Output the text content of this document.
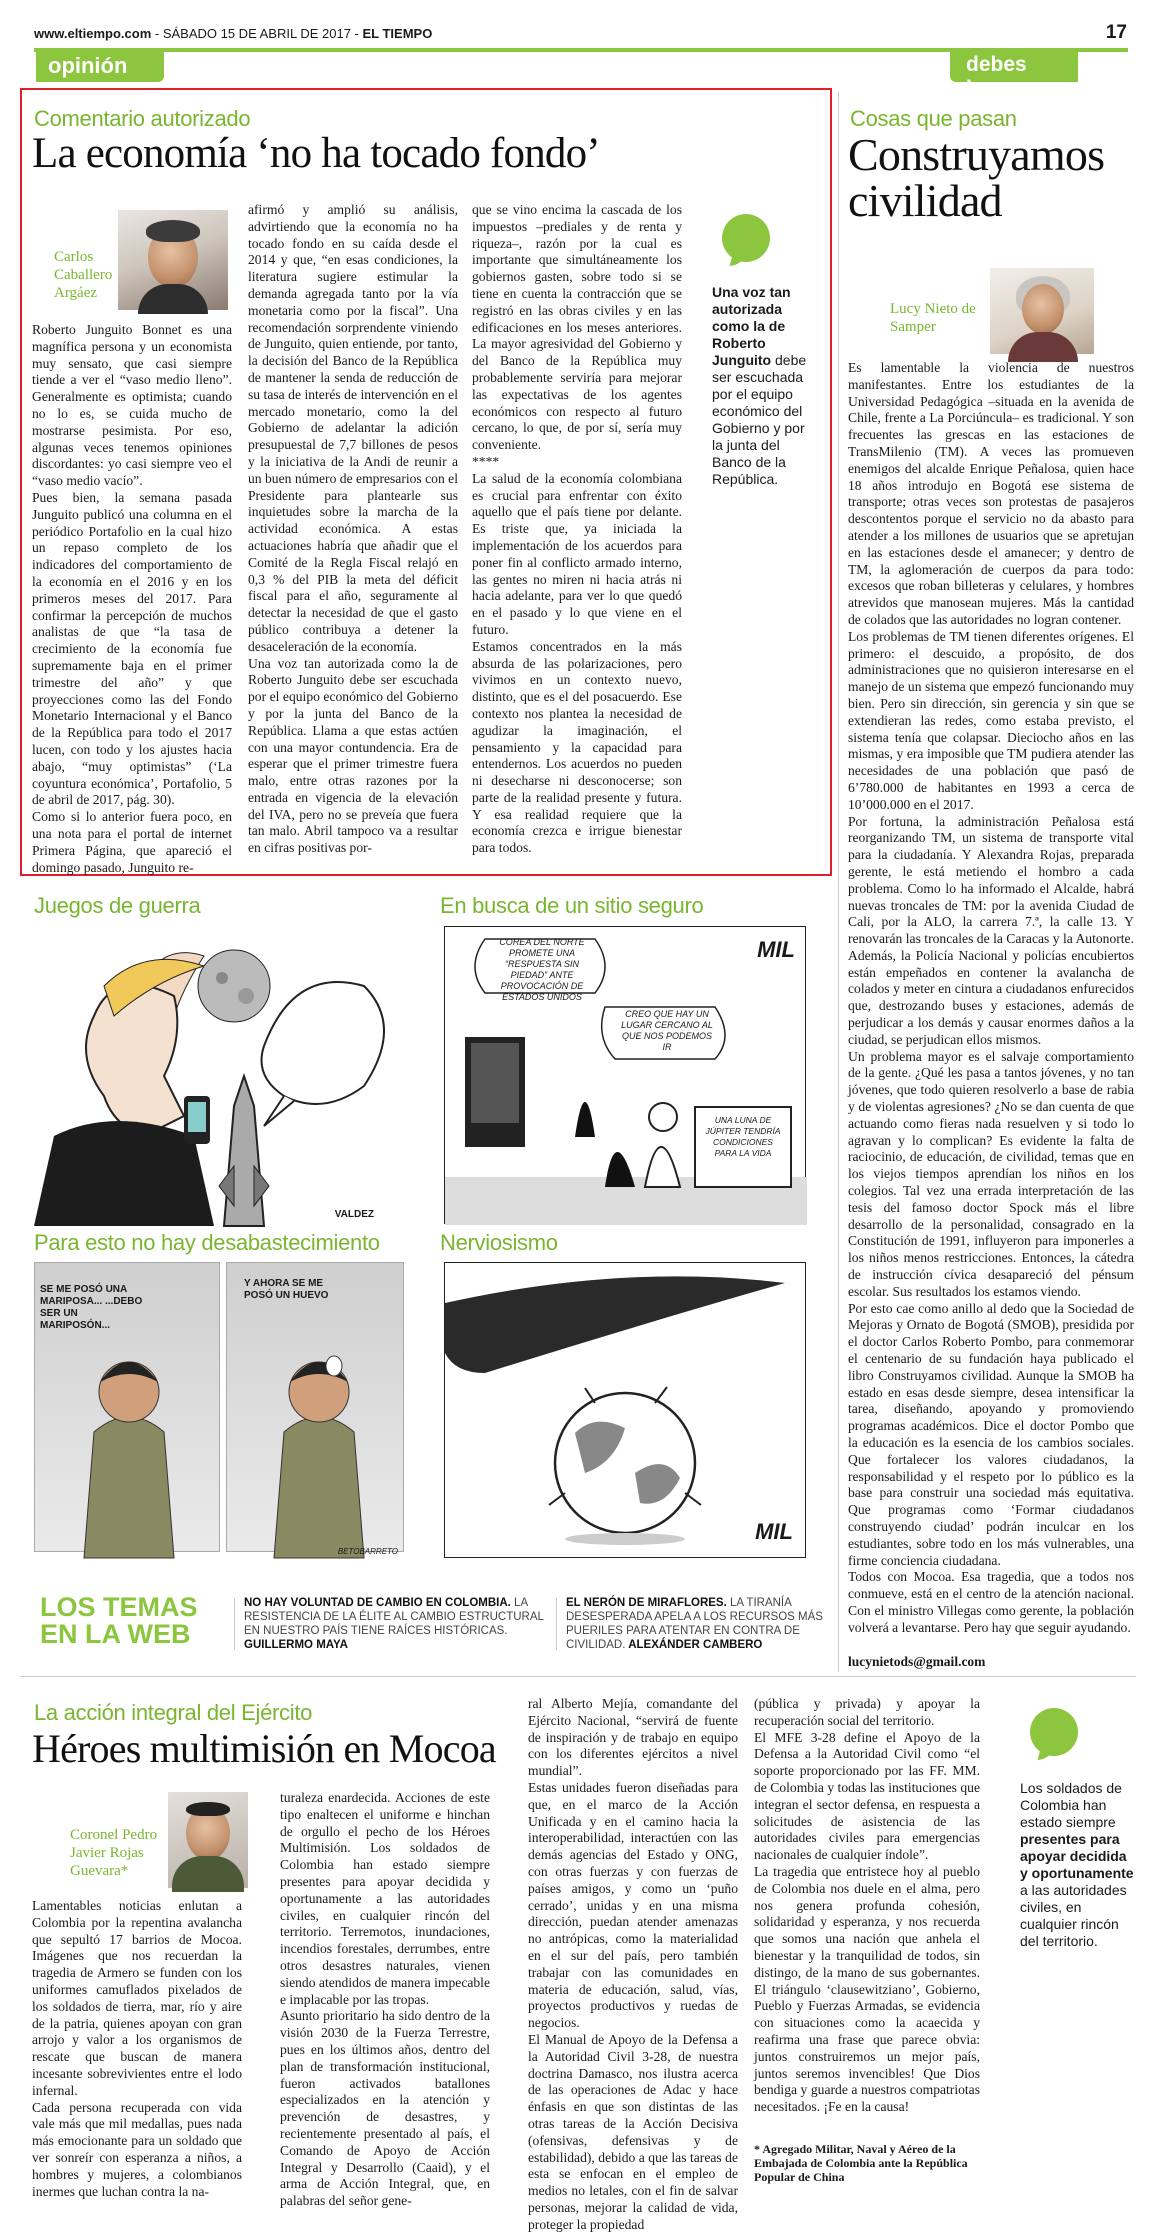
www.eltiempo.com - SÁBADO 15 DE ABRIL DE 2017 - EL TIEMPO	17
opinión	debes leer
Comentario autorizado
La economía ‘no ha tocado fondo’
Carlos Caballero Argáez
Roberto Junguito Bonnet es una magnífica persona y un economista muy sensato, que casi siempre tiende a ver el “vaso medio lleno”. Generalmente es optimista; cuando no lo es, se cuida mucho de mostrarse pesimista. Por eso, algunas veces tenemos opiniones discordantes: yo casi siempre veo el “vaso medio vacío”.
Pues bien, la semana pasada Junguito publicó una columna en el periódico Portafolio en la cual hizo un repaso completo de los indicadores del comportamiento de la economía en el 2016 y en los primeros meses del 2017. Para confirmar la percepción de muchos analistas de que “la tasa de crecimiento de la economía fue supremamente baja en el primer trimestre del año” y que proyecciones como las del Fondo Monetario Internacional y el Banco de la República para todo el 2017 lucen, con todo y los ajustes hacia abajo, “muy optimistas” (‘La coyuntura económica’, Portafolio, 5 de abril de 2017, pág. 30).
Como si lo anterior fuera poco, en una nota para el portal de internet Primera Página, que apareció el domingo pasado, Junguito re-
afirmó y amplió su análisis, advirtiendo que la economía no ha tocado fondo en su caída desde el 2014 y que, “en esas condiciones, la literatura sugiere estimular la demanda agregada tanto por la vía monetaria como por la fiscal”. Una recomendación sorprendente viniendo de Junguito, quien entiende, por tanto, la decisión del Banco de la República de mantener la senda de reducción de su tasa de interés de intervención en el mercado monetario, como la del Gobierno de adelantar la adición presupuestal de 7,7 billones de pesos y la iniciativa de la Andi de reunir a un buen número de empresarios con el Presidente para plantearle sus inquietudes sobre la marcha de la actividad económica. A estas actuaciones habría que añadir que el Comité de la Regla Fiscal relajó en 0,3 % del PIB la meta del déficit fiscal para el año, seguramente al detectar la necesidad de que el gasto público contribuya a detener la desaceleración de la economía.
Una voz tan autorizada como la de Roberto Junguito debe ser escuchada por el equipo económico del Gobierno y por la junta del Banco de la República. Llama a que estas actúen con una mayor contundencia. Era de esperar que el primer trimestre fuera malo, entre otras razones por la entrada en vigencia de la elevación del IVA, pero no se preveía que fuera tan malo. Abril tampoco va a resultar en cifras positivas por-
que se vino encima la cascada de los impuestos –prediales y de renta y riqueza–, razón por la cual es importante que simultáneamente los gobiernos gasten, sobre todo si se tiene en cuenta la contracción que se registró en las obras civiles y en las edificaciones en los meses anteriores. La mayor agresividad del Gobierno y del Banco de la República muy probablemente serviría para mejorar las expectativas de los agentes económicos con respecto al futuro cercano, lo que, de por sí, sería muy conveniente.
****
La salud de la economía colombiana es crucial para enfrentar con éxito aquello que el país tiene por delante. Es triste que, ya iniciada la implementación de los acuerdos para poner fin al conflicto armado interno, las gentes no miren ni hacia atrás ni hacia adelante, para ver lo que quedó en el pasado y lo que viene en el futuro.
Estamos concentrados en la más absurda de las polarizaciones, pero vivimos en un contexto nuevo, distinto, que es el del posacuerdo. Ese contexto nos plantea la necesidad de agudizar la imaginación, el pensamiento y la capacidad para entendernos. Los acuerdos no pueden ni desecharse ni desconocerse; son parte de la realidad presente y futura. Y esa realidad requiere que la economía crezca e irrigue bienestar para todos.
Una voz tan autorizada como la de Roberto Junguito debe ser escuchada por el equipo económico del Gobierno y por la junta del Banco de la República.
Cosas que pasan
Construyamos civilidad
Lucy Nieto de Samper
Es lamentable la violencia de nuestros manifestantes. Entre los estudiantes de la Universidad Pedagógica –situada en la avenida de Chile, frente a La Porciúncula– es tradicional. Y son frecuentes las grescas en las estaciones de TransMilenio (TM). A veces las promueven enemigos del alcalde Enrique Peñalosa, quien hace 18 años introdujo en Bogotá ese sistema de transporte; otras veces son protestas de pasajeros descontentos porque el servicio no da abasto para atender a los millones de usuarios que se apretujan en las estaciones desde el amanecer; y dentro de TM, la aglomeración de cuerpos da para todo: excesos que roban billeteras y celulares, y hombres atrevidos que manosean mujeres. Más la cantidad de colados que las autoridades no logran contener.
Los problemas de TM tienen diferentes orígenes. El primero: el descuido, a propósito, de dos administraciones que no quisieron interesarse en el manejo de un sistema que empezó funcionando muy bien. Pero sin dirección, sin gerencia y sin que se extendieran las redes, como estaba previsto, el sistema tenía que colapsar. Dieciocho años en las mismas, y era imposible que TM pudiera atender las necesidades de una población que pasó de 6’780.000 de habitantes en 1993 a cerca de 10’000.000 en el 2017.
Por fortuna, la administración Peñalosa está reorganizando TM, un sistema de transporte vital para la ciudadanía. Y Alexandra Rojas, preparada gerente, le está metiendo el hombro a cada problema. Como lo ha informado el Alcalde, habrá nuevas troncales de TM: por la avenida Ciudad de Cali, por la ALO, la carrera 7.ª, la calle 13. Y renovarán las troncales de la Caracas y la Autonorte. Además, la Policía Nacional y policías encubiertos están empeñados en contener la avalancha de colados y meter en cintura a ciudadanos enfurecidos que, destrozando buses y estaciones, además de perjudicar a los demás y causar enormes daños a la ciudad, se perjudican ellos mismos.
Un problema mayor es el salvaje comportamiento de la gente. ¿Qué les pasa a tantos jóvenes, y no tan jóvenes, que todo quieren resolverlo a base de rabia y de violentas agresiones? ¿No se dan cuenta de que actuando como fieras nada resuelven y si todo lo agravan y lo complican? Es evidente la falta de raciocinio, de educación, de civilidad, temas que en los viejos tiempos aprendían los niños en los colegios. Tal vez una errada interpretación de las tesis del famoso doctor Spock más el libre desarrollo de la personalidad, consagrado en la Constitución de 1991, influyeron para imponerles a los niños menos restricciones. Entonces, la cátedra de instrucción cívica desapareció del pénsum escolar. Sus resultados los estamos viendo.
Por esto cae como anillo al dedo que la Sociedad de Mejoras y Ornato de Bogotá (SMOB), presidida por el doctor Carlos Roberto Pombo, para conmemorar el centenario de su fundación haya publicado el libro Construyamos civilidad. Aunque la SMOB ha estado en esas desde siempre, desea intensificar la tarea, diseñando, apoyando y promoviendo programas académicos. Dice el doctor Pombo que la educación es la esencia de los cambios sociales. Que fortalecer los valores ciudadanos, la responsabilidad y el respeto por lo público es la base para construir una sociedad más equitativa. Que programas como ‘Formar ciudadanos construyendo ciudad’ podrán inculcar en los estudiantes, sobre todo en los más vulnerables, una firme conciencia ciudadana.
Todos con Mocoa. Esa tragedia, que a todos nos conmueve, está en el centro de la atención nacional. Con el ministro Villegas como gerente, la población volverá a levantarse. Pero hay que seguir ayudando.
lucynietods@gmail.com
Juegos de guerra
VALDEZ
En busca de un sitio seguro
COREA DEL NORTE PROMETE UNA “RESPUESTA SIN PIEDAD” ANTE PROVOCACIÓN DE ESTADOS UNIDOS
CREO QUE HAY UN LUGAR CERCANO AL QUE NOS PODEMOS IR
UNA LUNA DE JÚPITER TENDRÍA CONDICIONES PARA LA VIDA
MIL
Para esto no hay desabastecimiento
SE ME POSÓ UNA MARIPOSA... ...DEBO SER UN MARIPOSÓN...
Y AHORA SE ME POSÓ UN HUEVO
BETOBARRETO
Nerviosismo
MIL
LOS TEMAS
EN LA WEB
NO HAY VOLUNTAD DE CAMBIO EN COLOMBIA. LA RESISTENCIA DE LA ÉLITE AL CAMBIO ESTRUCTURAL EN NUESTRO PAÍS TIENE RAÍCES HISTÓRICAS. GUILLERMO MAYA
EL NERÓN DE MIRAFLORES. LA TIRANÍA DESESPERADA APELA A LOS RECURSOS MÁS PUERILES PARA ATENTAR EN CONTRA DE CIVILIDAD. ALEXÁNDER CAMBERO
La acción integral del Ejército
Héroes multimisión en Mocoa
Coronel Pedro Javier Rojas Guevara*
Lamentables noticias enlutan a Colombia por la repentina avalancha que sepultó 17 barrios de Mocoa. Imágenes que nos recuerdan la tragedia de Armero se funden con los uniformes camuflados pixelados de los soldados de tierra, mar, río y aire de la patria, quienes apoyan con gran arrojo y valor a los organismos de rescate que buscan de manera incesante sobrevivientes entre el lodo infernal.
Cada persona recuperada con vida vale más que mil medallas, pues nada más emocionante para un soldado que ver sonreír con esperanza a niños, a hombres y mujeres, a colombianos inermes que luchan contra la na-
turaleza enardecida. Acciones de este tipo enaltecen el uniforme e hinchan de orgullo el pecho de los Héroes Multimisión. Los soldados de Colombia han estado siempre presentes para apoyar decidida y oportunamente a las autoridades civiles, en cualquier rincón del territorio. Terremotos, inundaciones, incendios forestales, derrumbes, entre otros desastres naturales, vienen siendo atendidos de manera impecable e implacable por las tropas.
Asunto prioritario ha sido dentro de la visión 2030 de la Fuerza Terrestre, pues en los últimos años, dentro del plan de transformación institucional, fueron activados batallones especializados en la atención y prevención de desastres, y recientemente presentado al país, el Comando de Apoyo de Acción Integral y Desarrollo (Caaid), y el arma de Acción Integral, que, en palabras del señor gene-
ral Alberto Mejía, comandante del Ejército Nacional, “servirá de fuente de inspiración y de trabajo en equipo con los diferentes ejércitos a nivel mundial”.
Estas unidades fueron diseñadas para que, en el marco de la Acción Unificada y en el camino hacia la interoperabilidad, interactúen con las demás agencias del Estado y ONG, con otras fuerzas y con fuerzas de países amigos, y como un ‘puño cerrado’, unidas y en una misma dirección, puedan atender amenazas no antrópicas, como la materialidad en el sur del país, pero también trabajar con las comunidades en materia de educación, salud, vías, proyectos productivos y ruedas de negocios.
El Manual de Apoyo de la Defensa a la Autoridad Civil 3-28, de nuestra doctrina Damasco, nos ilustra acerca de las operaciones de Adac y hace énfasis en que son distintas de las otras tareas de la Acción Decisiva (ofensivas, defensivas y de estabilidad), debido a que las tareas de esta se enfocan en el empleo de medios no letales, con el fin de salvar personas, mejorar la calidad de vida, proteger la propiedad
(pública y privada) y apoyar la recuperación social del territorio.
El MFE 3-28 define el Apoyo de la Defensa a la Autoridad Civil como “el soporte proporcionado por las FF. MM. de Colombia y todas las instituciones que integran el sector defensa, en respuesta a solicitudes de asistencia de las autoridades civiles para emergencias nacionales de cualquier índole”.
La tragedia que entristece hoy al pueblo de Colombia nos duele en el alma, pero nos genera profunda cohesión, solidaridad y esperanza, y nos recuerda que somos una nación que anhela el bienestar y la tranquilidad de todos, sin distingo, de la mano de sus gobernantes. El triángulo ‘clausewitziano’, Gobierno, Pueblo y Fuerzas Armadas, se evidencia con situaciones como la acaecida y reafirma una frase que parece obvia: juntos construiremos un mejor país, juntos seremos invencibles! Que Dios bendiga y guarde a nuestros compatriotas necesitados. ¡Fe en la causa!
* Agregado Militar, Naval y Aéreo de la Embajada de Colombia ante la República Popular de China
Los soldados de Colombia han estado siempre presentes para apoyar decidida y oportunamente a las autoridades civiles, en cualquier rincón del territorio.
